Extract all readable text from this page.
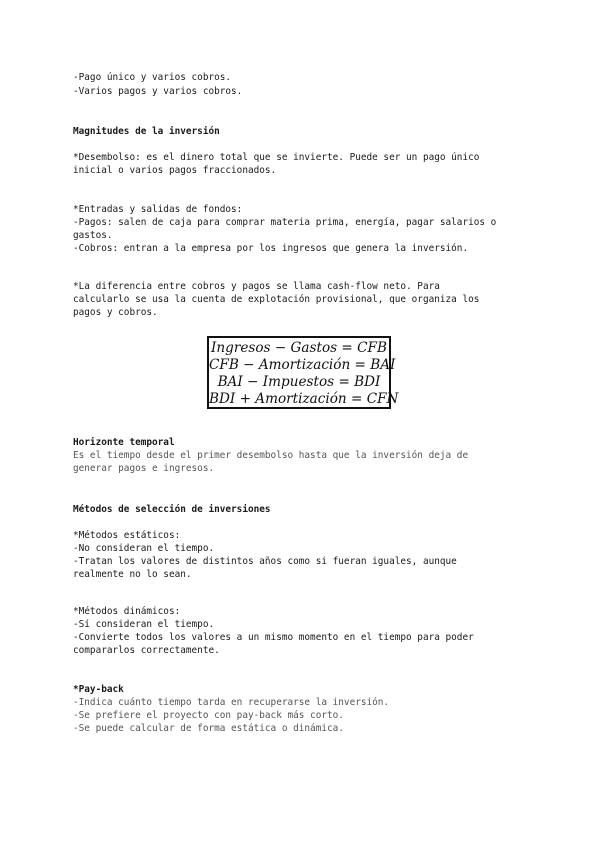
-Pago único y varios cobros.
-Varios pagos y varios cobros.
Magnitudes de la inversión
*Desembolso: es el dinero total que se invierte. Puede ser un pago único
inicial o varios pagos fraccionados.
*Entradas y salidas de fondos:
-Pagos: salen de caja para comprar materia prima, energía, pagar salarios o
gastos.
-Cobros: entran a la empresa por los ingresos que genera la inversión.
*La diferencia entre cobros y pagos se llama cash-flow neto. Para
calcularlo se usa la cuenta de explotación provisional, que organiza los
pagos y cobros.
Ingresos − Gastos = CFB
CFB − Amortización = BAI
BAI − Impuestos = BDI
BDI + Amortización = CFN
Horizonte temporal
Es el tiempo desde el primer desembolso hasta que la inversión deja de
generar pagos e ingresos.
Métodos de selección de inversiones
*Métodos estáticos:
-No consideran el tiempo.
-Tratan los valores de distintos años como si fueran iguales, aunque
realmente no lo sean.
*Métodos dinámicos:
-Sí consideran el tiempo.
-Convierte todos los valores a un mismo momento en el tiempo para poder
compararlos correctamente.
*Pay-back
-Indica cuánto tiempo tarda en recuperarse la inversión.
-Se prefiere el proyecto con pay-back más corto.
-Se puede calcular de forma estática o dinámica.
